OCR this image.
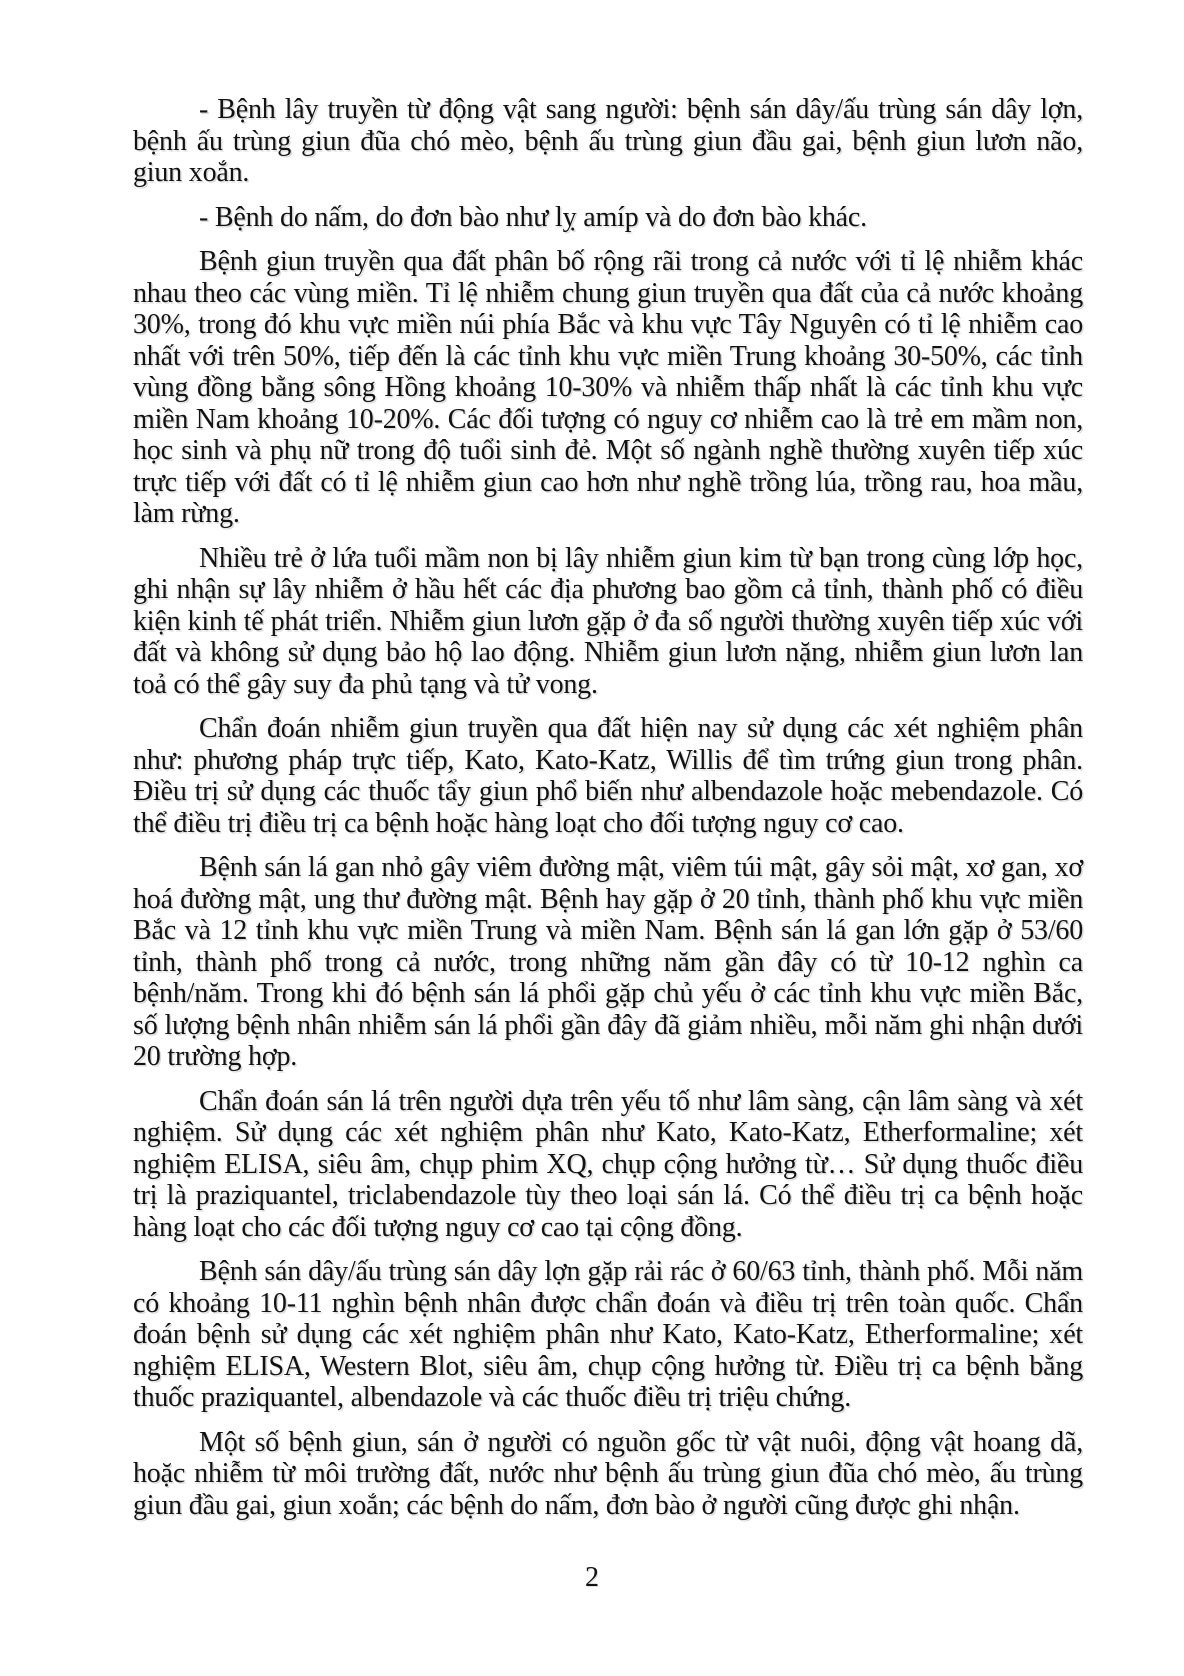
- Bệnh lây truyền từ động vật sang người: bệnh sán dây/ấu trùng sán dây lợn, bệnh ấu trùng giun đũa chó mèo, bệnh ấu trùng giun đầu gai, bệnh giun lươn não, giun xoắn.

- Bệnh do nấm, do đơn bào như lỵ amíp và do đơn bào khác.

Bệnh giun truyền qua đất phân bố rộng rãi trong cả nước với tỉ lệ nhiễm khác nhau theo các vùng miền. Tỉ lệ nhiễm chung giun truyền qua đất của cả nước khoảng 30%, trong đó khu vực miền núi phía Bắc và khu vực Tây Nguyên có tỉ lệ nhiễm cao nhất với trên 50%, tiếp đến là các tỉnh khu vực miền Trung khoảng 30-50%, các tỉnh vùng đồng bằng sông Hồng khoảng 10-30% và nhiễm thấp nhất là các tỉnh khu vực miền Nam khoảng 10-20%. Các đối tượng có nguy cơ nhiễm cao là trẻ em mầm non, học sinh và phụ nữ trong độ tuổi sinh đẻ. Một số ngành nghề thường xuyên tiếp xúc trực tiếp với đất có tỉ lệ nhiễm giun cao hơn như nghề trồng lúa, trồng rau, hoa mầu, làm rừng.

Nhiều trẻ ở lứa tuổi mầm non bị lây nhiễm giun kim từ bạn trong cùng lớp học, ghi nhận sự lây nhiễm ở hầu hết các địa phương bao gồm cả tỉnh, thành phố có điều kiện kinh tế phát triển. Nhiễm giun lươn gặp ở đa số người thường xuyên tiếp xúc với đất và không sử dụng bảo hộ lao động. Nhiễm giun lươn nặng, nhiễm giun lươn lan toả có thể gây suy đa phủ tạng và tử vong.

Chẩn đoán nhiễm giun truyền qua đất hiện nay sử dụng các xét nghiệm phân như: phương pháp trực tiếp, Kato, Kato-Katz, Willis để tìm trứng giun trong phân. Điều trị sử dụng các thuốc tẩy giun phổ biến như albendazole hoặc mebendazole. Có thể điều trị điều trị ca bệnh hoặc hàng loạt cho đối tượng nguy cơ cao.

Bệnh sán lá gan nhỏ gây viêm đường mật, viêm túi mật, gây sỏi mật, xơ gan, xơ hoá đường mật, ung thư đường mật. Bệnh hay gặp ở 20 tỉnh, thành phố khu vực miền Bắc và 12 tỉnh khu vực miền Trung và miền Nam. Bệnh sán lá gan lớn gặp ở 53/60 tỉnh, thành phố trong cả nước, trong những năm gần đây có từ 10-12 nghìn ca bệnh/năm. Trong khi đó bệnh sán lá phổi gặp chủ yếu ở các tỉnh khu vực miền Bắc, số lượng bệnh nhân nhiễm sán lá phổi gần đây đã giảm nhiều, mỗi năm ghi nhận dưới 20 trường hợp.

Chẩn đoán sán lá trên người dựa trên yếu tố như lâm sàng, cận lâm sàng và xét nghiệm. Sử dụng các xét nghiệm phân như Kato, Kato-Katz, Etherformaline; xét nghiệm ELISA, siêu âm, chụp phim XQ, chụp cộng hưởng từ… Sử dụng thuốc điều trị là praziquantel, triclabendazole tùy theo loại sán lá. Có thể điều trị ca bệnh hoặc hàng loạt cho các đối tượng nguy cơ cao tại cộng đồng.

Bệnh sán dây/ấu trùng sán dây lợn gặp rải rác ở 60/63 tỉnh, thành phố. Mỗi năm có khoảng 10-11 nghìn bệnh nhân được chẩn đoán và điều trị trên toàn quốc. Chẩn đoán bệnh sử dụng các xét nghiệm phân như Kato, Kato-Katz, Etherformaline; xét nghiệm ELISA, Western Blot, siêu âm, chụp cộng hưởng từ. Điều trị ca bệnh bằng thuốc praziquantel, albendazole và các thuốc điều trị triệu chứng.

Một số bệnh giun, sán ở người có nguồn gốc từ vật nuôi, động vật hoang dã, hoặc nhiễm từ môi trường đất, nước như bệnh ấu trùng giun đũa chó mèo, ấu trùng giun đầu gai, giun xoắn; các bệnh do nấm, đơn bào ở người cũng được ghi nhận.

2
